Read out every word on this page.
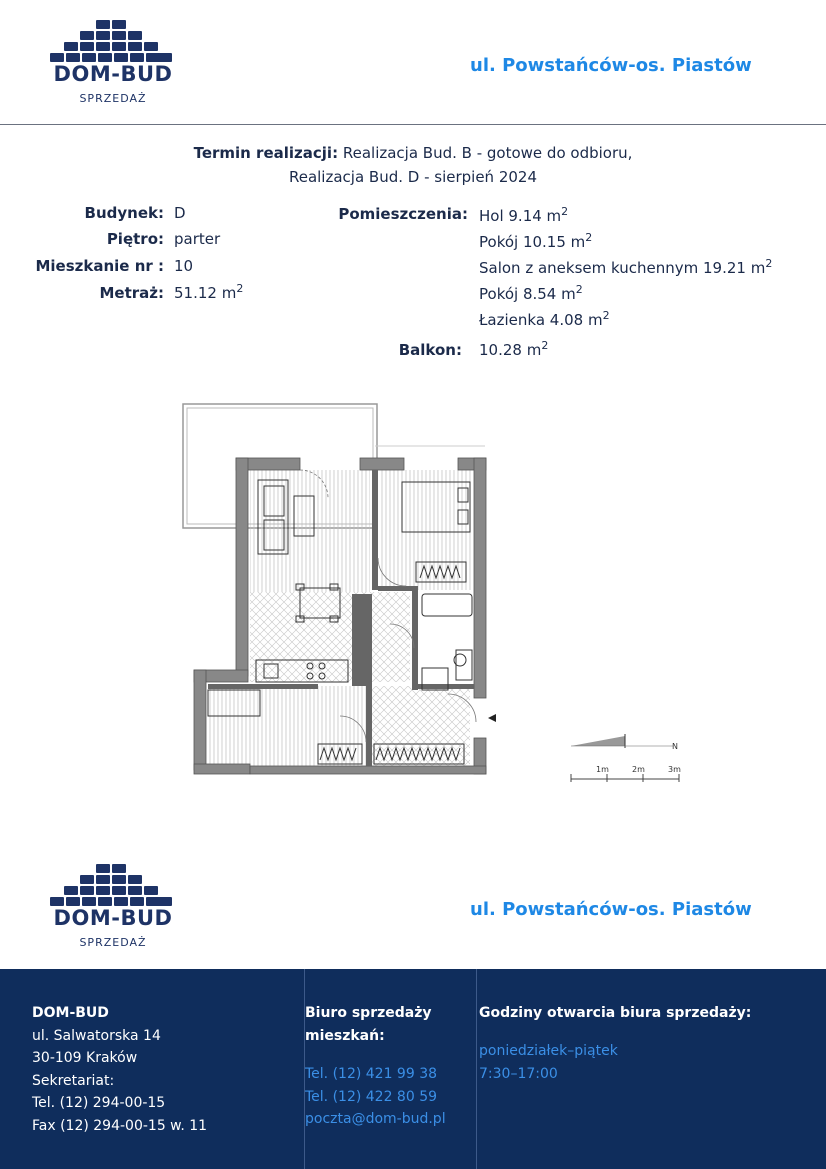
DOM-BUD
SPRZEDAŻ
ul. Powstańców-os. Piastów
Termin realizacji: Realizacja Bud. B - gotowe do odbioru,
Realizacja Bud. D - sierpień 2024
Budynek: D
Piętro: parter
Mieszkanie nr : 10
Metraż: 51.12 $m^2$
Pomieszczenia: Hol 9.14 $m^2$
Pokój 10.15 $m^2$
Salon z aneksem kuchennym 19.21 $m^2$
Pokój 8.54 $m^2$
Łazienka 4.08 $m^2$
Balkon: 10.28 $m^2$
N
1m	2m	3m
DOM-BUD
SPRZEDAŻ
ul. Powstańców-os. Piastów
DOM-BUD
ul. Salwatorska 14
30-109 Kraków
Sekretariat:
Tel. (12) 294-00-15
Fax (12) 294-00-15 w. 11
Biuro sprzedaży
mieszkań:
Tel. (12) 421 99 38
Tel. (12) 422 80 59
poczta@dom-bud.pl
Godziny otwarcia biura sprzedaży:
poniedziałek–piątek
7:30–17:00
